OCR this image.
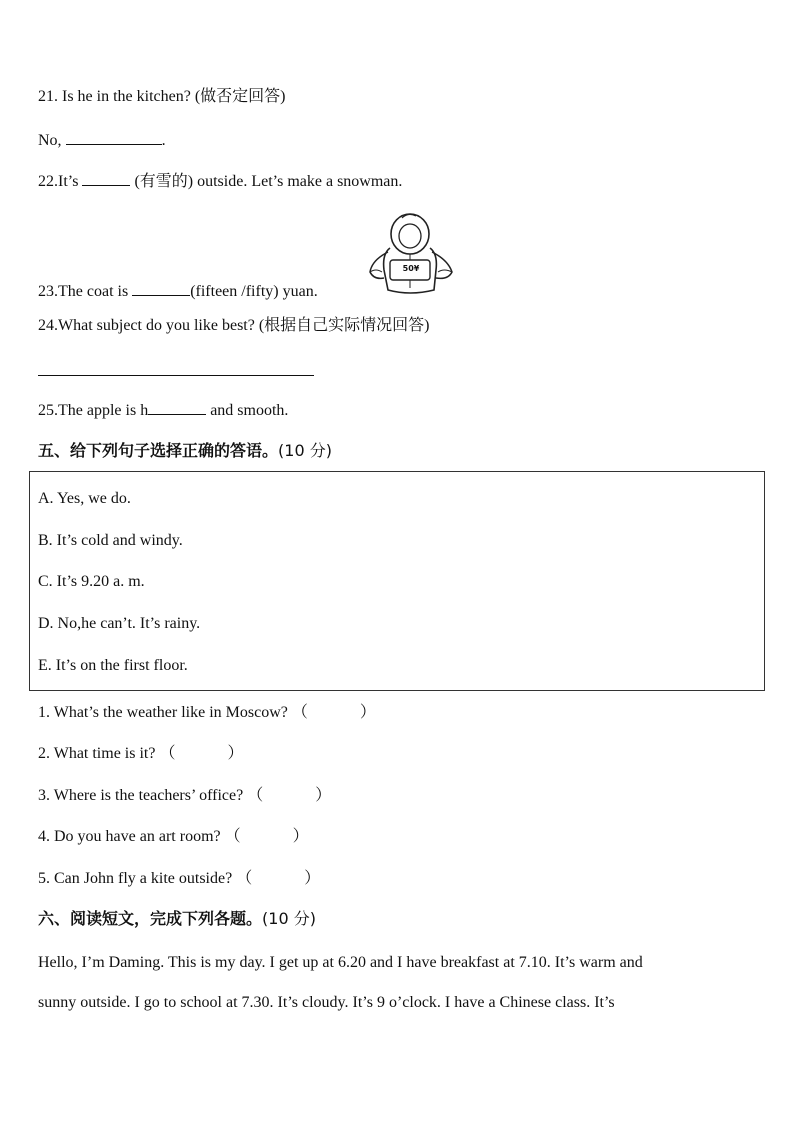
21. Is he in the kitchen? (做否定回答)
No,	.
22.It’s	(有雪的) outside. Let’s make a snowman.
50¥
23.The coat is	(fifteen /fifty) yuan.
24.What subject do you like best? (根据自己实际情况回答)
25.The apple is h	and smooth.
五、给下列句子选择正确的答语。(10 分)
A. Yes, we do.
B. It’s cold and windy.
C. It’s 9.20 a. m.
D. No,he can’t. It’s rainy.
E. It’s on the first floor.
1. What’s the weather like in Moscow? （	）
2. What time is it? （	）
3. Where is the teachers’ office? （	）
4. Do you have an art room? （	）
5. Can John fly a kite outside? （	）
六、阅读短文，完成下列各题。(10 分)
Hello, I’m Daming. This is my day. I get up at 6.20 and I have breakfast at 7.10. It’s warm and
sunny outside. I go to school at 7.30. It’s cloudy. It’s 9 o’clock. I have a Chinese class. It’s
